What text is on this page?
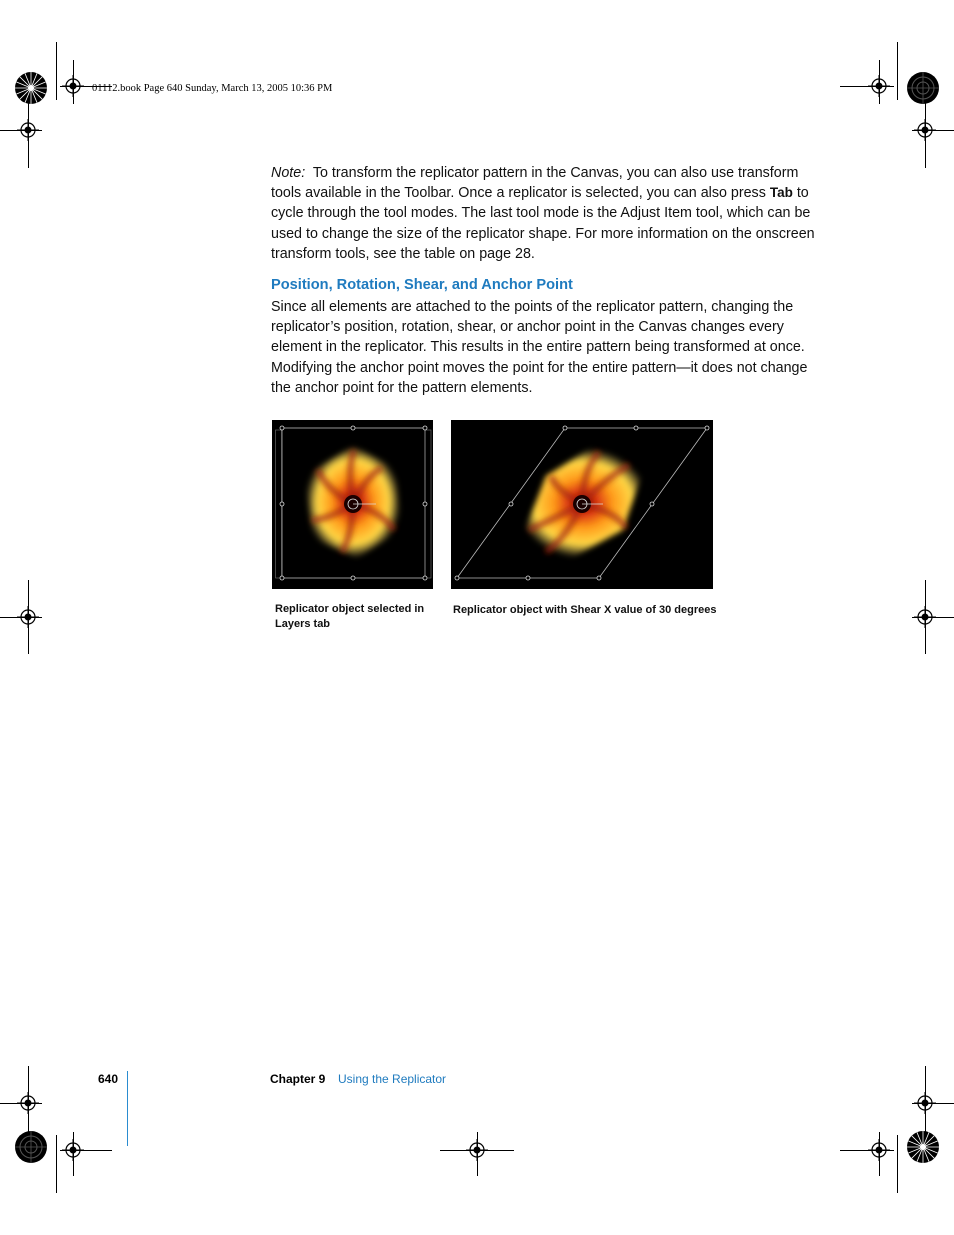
01112.book Page 640 Sunday, March 13, 2005 10:36 PM
Note: To transform the replicator pattern in the Canvas, you can also use transform tools available in the Toolbar. Once a replicator is selected, you can also press Tab to cycle through the tool modes. The last tool mode is the Adjust Item tool, which can be used to change the size of the replicator shape. For more information on the onscreen transform tools, see the table on page 28.
Position, Rotation, Shear, and Anchor Point
Since all elements are attached to the points of the replicator pattern, changing the replicator’s position, rotation, shear, or anchor point in the Canvas changes every element in the replicator. This results in the entire pattern being transformed at once. Modifying the anchor point moves the point for the entire pattern—it does not change the anchor point for the pattern elements.
Replicator object selected in Layers tab
Replicator object with Shear X value of 30 degrees
640	Chapter 9 Using the Replicator
